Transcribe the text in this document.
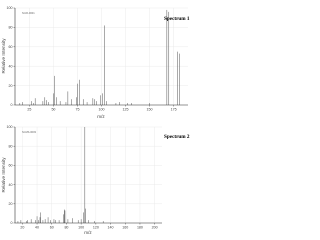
25	50	75	100	125	150	175
0
20
40
60
80
100
NI-IR-0001
Spectrum 1
m/z
Relative Intensity
20	40	60	80	100 120 140 160 180 200
0
20
40
60
80
100
NI-MS-0003
Spectrum 2
m/z
Relative Intensity
